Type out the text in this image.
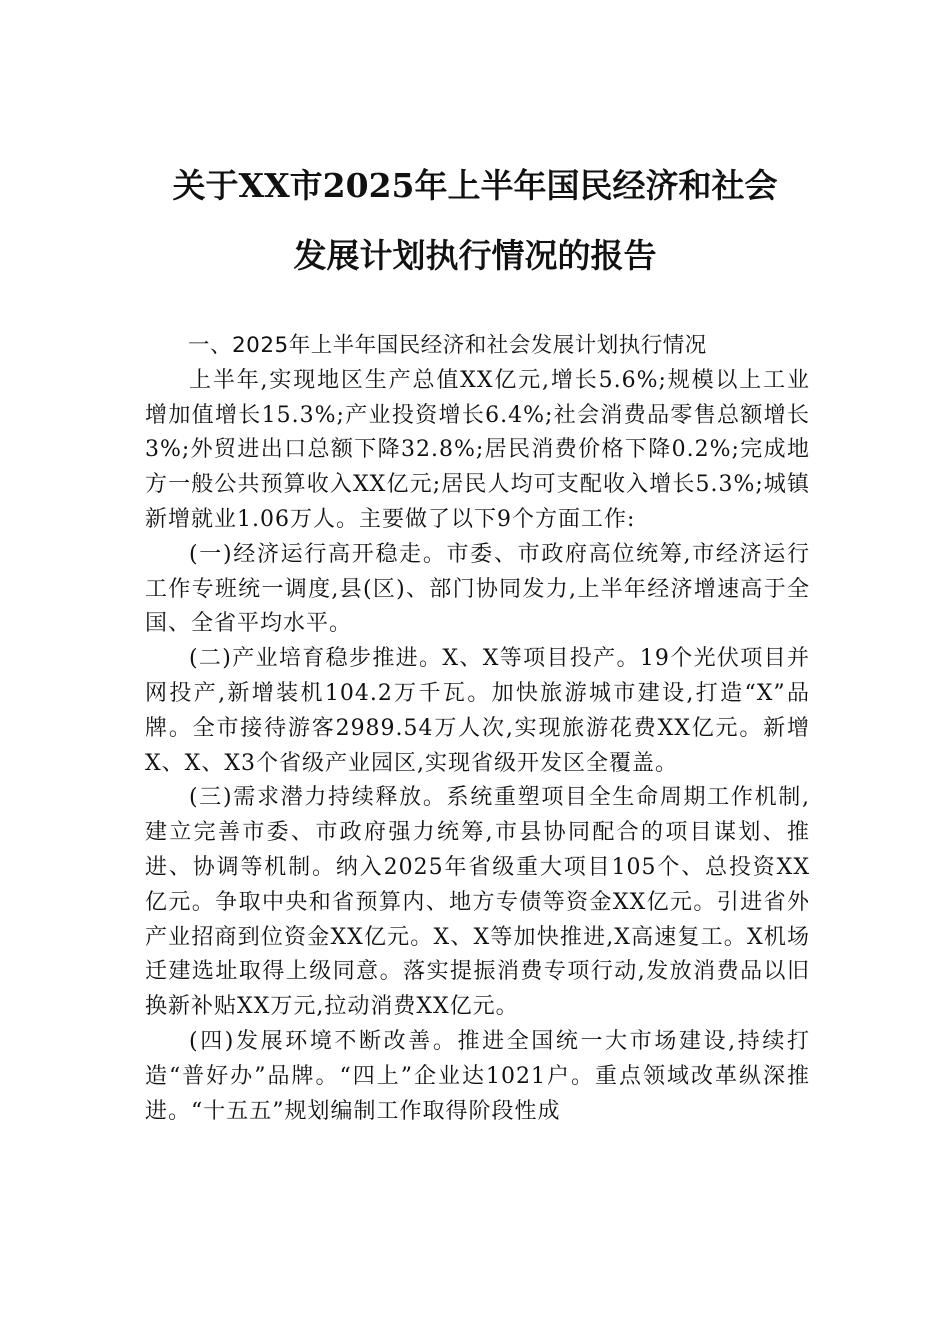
关于XX市2025年上半年国民经济和社会
发展计划执行情况的报告

一、2025年上半年国民经济和社会发展计划执行情况

上半年,实现地区生产总值XX亿元,增长5.6%;规模以上工业增加值增长15.3%;产业投资增长6.4%;社会消费品零售总额增长3%;外贸进出口总额下降32.8%;居民消费价格下降0.2%;完成地方一般公共预算收入XX亿元;居民人均可支配收入增长5.3%;城镇新增就业1.06万人。主要做了以下9个方面工作:

(一)经济运行高开稳走。市委、市政府高位统筹,市经济运行工作专班统一调度,县(区)、部门协同发力,上半年经济增速高于全国、全省平均水平。

(二)产业培育稳步推进。X、X等项目投产。19个光伏项目并网投产,新增装机104.2万千瓦。加快旅游城市建设,打造“X”品牌。全市接待游客2989.54万人次,实现旅游花费XX亿元。新增X、X、X3个省级产业园区,实现省级开发区全覆盖。

(三)需求潜力持续释放。系统重塑项目全生命周期工作机制,建立完善市委、市政府强力统筹,市县协同配合的项目谋划、推进、协调等机制。纳入2025年省级重大项目105个、总投资XX亿元。争取中央和省预算内、地方专债等资金XX亿元。引进省外产业招商到位资金XX亿元。X、X等加快推进,X高速复工。X机场迁建选址取得上级同意。落实提振消费专项行动,发放消费品以旧换新补贴XX万元,拉动消费XX亿元。

(四)发展环境不断改善。推进全国统一大市场建设,持续打造“普好办”品牌。“四上”企业达1021户。重点领域改革纵深推进。“十五五”规划编制工作取得阶段性成
